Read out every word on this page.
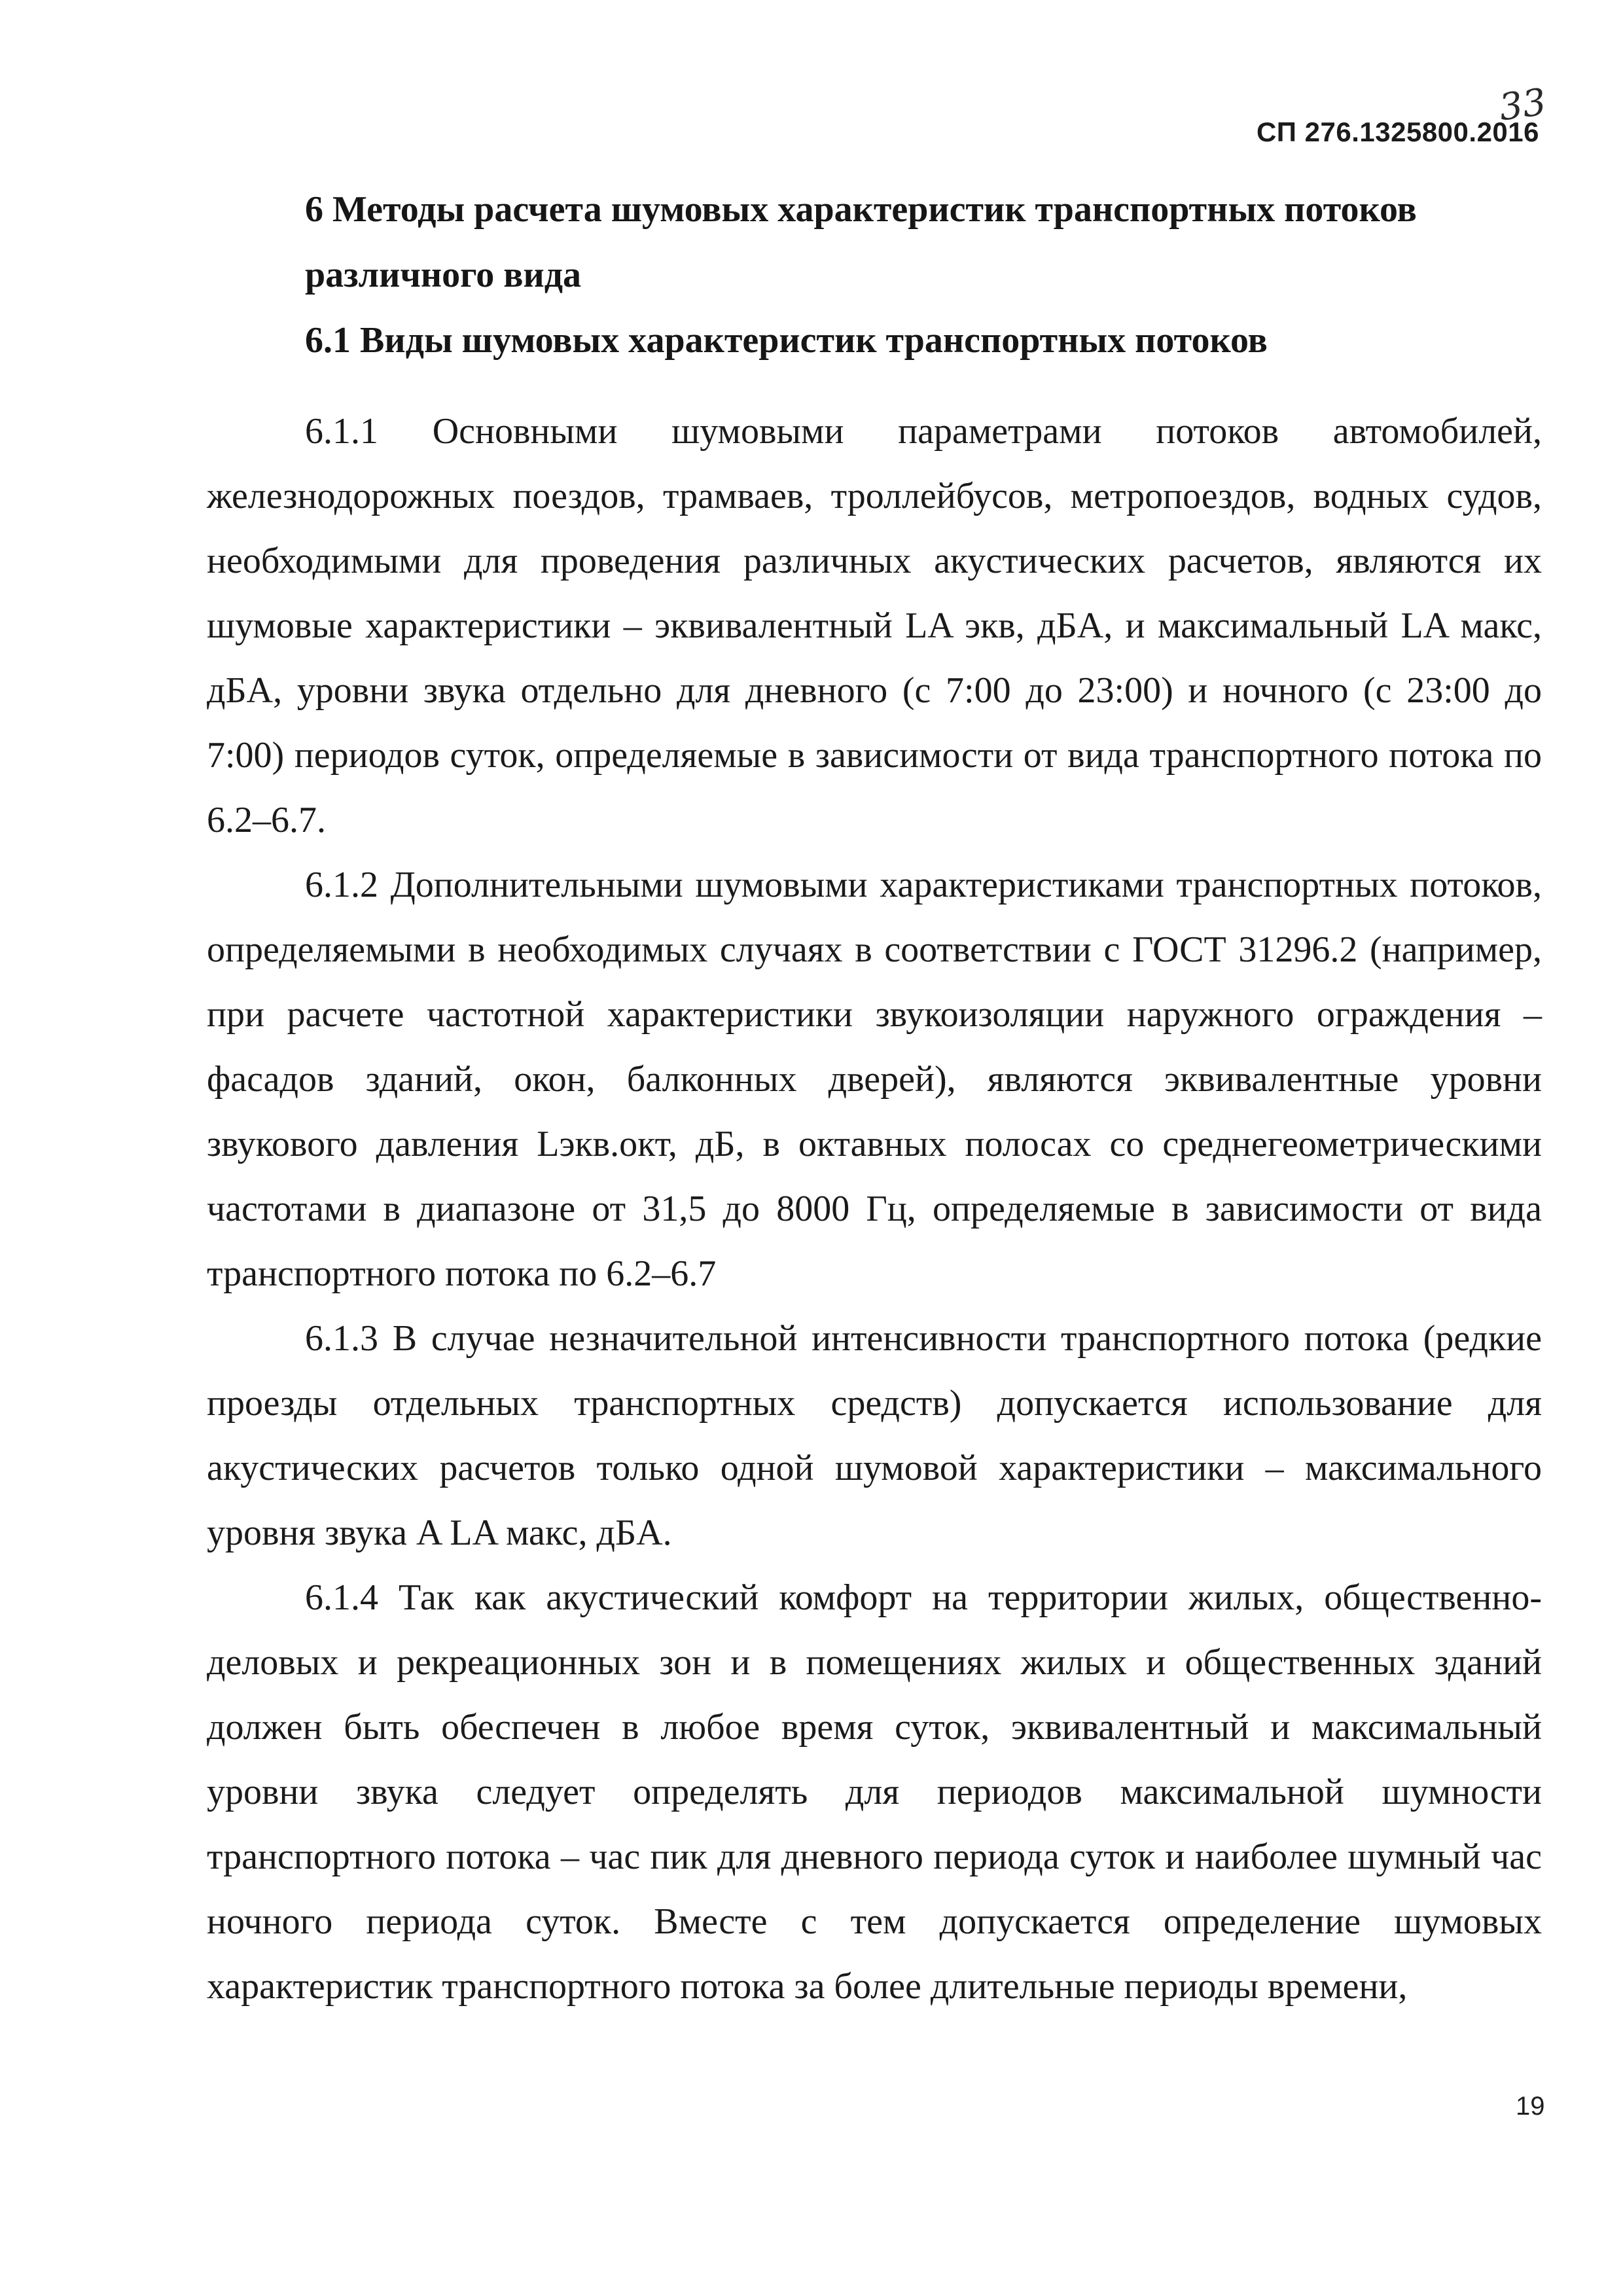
33
СП 276.1325800.2016
6 Методы расчета шумовых характеристик транспортных потоков
различного вида
6.1 Виды шумовых характеристик транспортных потоков

6.1.1 Основными шумовыми параметрами потоков автомобилей, железнодорожных поездов, трамваев, троллейбусов, метропоездов, водных судов, необходимыми для проведения различных акустических расчетов, являются их шумовые характеристики – эквивалентный LA экв, дБA, и максимальный LA макс, дБA, уровни звука отдельно для дневного (с 7:00 до 23:00) и ночного (с 23:00 до 7:00) периодов суток, определяемые в зависимости от вида транспортного потока по 6.2–6.7.

6.1.2 Дополнительными шумовыми характеристиками транспортных потоков, определяемыми в необходимых случаях в соответствии с ГОСТ 31296.2 (например, при расчете частотной характеристики звукоизоляции наружного ограждения – фасадов зданий, окон, балконных дверей), являются эквивалентные уровни звукового давления Lэкв.окт, дБ, в октавных полосах со среднегеометрическими частотами в диапазоне от 31,5 до 8000 Гц, определяемые в зависимости от вида транспортного потока по 6.2–6.7

6.1.3 В случае незначительной интенсивности транспортного потока (редкие проезды отдельных транспортных средств) допускается использование для акустических расчетов только одной шумовой характеристики – максимального уровня звука A LA макс, дБA.

6.1.4 Так как акустический комфорт на территории жилых, общественно-деловых и рекреационных зон и в помещениях жилых и общественных зданий должен быть обеспечен в любое время суток, эквивалентный и максимальный уровни звука следует определять для периодов максимальной шумности транспортного потока – час пик для дневного периода суток и наиболее шумный час ночного периода суток. Вместе с тем допускается определение шумовых характеристик транспортного потока за более длительные периоды времени,

19
